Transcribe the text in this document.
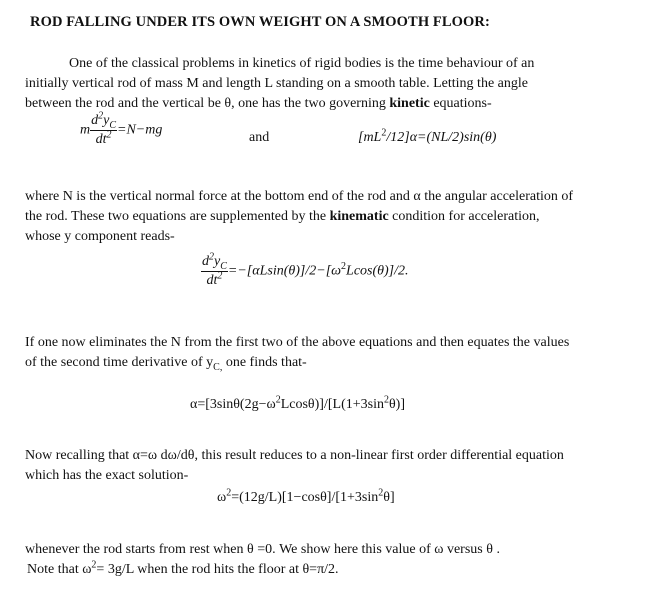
ROD FALLING UNDER ITS OWN WEIGHT ON A SMOOTH FLOOR:
One of the classical problems in kinetics of rigid bodies is the time behaviour of an
initially vertical rod of mass M and length L standing on a smooth table. Letting the angle
between the rod and the vertical be θ, one has the two governing kinetic equations-
m $\frac{d^2y_C}{dt^2} =N-mg$	and	$[mL^2/12]\alpha=(NL/2)\sin(\theta)$
where N is the vertical normal force at the bottom end of the rod and α the angular acceleration of
the rod. These two equations are supplemented by the kinematic condition for acceleration,
whose y component reads-
$\frac{d^2y_C}{dt^2} =-[\alpha Lsin(\theta)]/2-[\omega^2Lcos(\theta)]/2$.
If one now eliminates the N from the first two of the above equations and then equates the values
of the second time derivative of $y_{C,}$ one finds that-
$\alpha=[3\sin\theta(2g-\omega^2Lcos\theta)]/[L(1+3\sin^2\theta)]$
Now recalling that α=ω dω/dθ, this result reduces to a non-linear first order differential equation
which has the exact solution-
$\omega^2=(12g/L)[1-\cos\theta]/[1+3\sin^2\theta]$
whenever the rod starts from rest when θ =0. We show here this value of ω versus θ .
Note that $\omega^2= 3g/L$ when the rod hits the floor at θ=π/2.
